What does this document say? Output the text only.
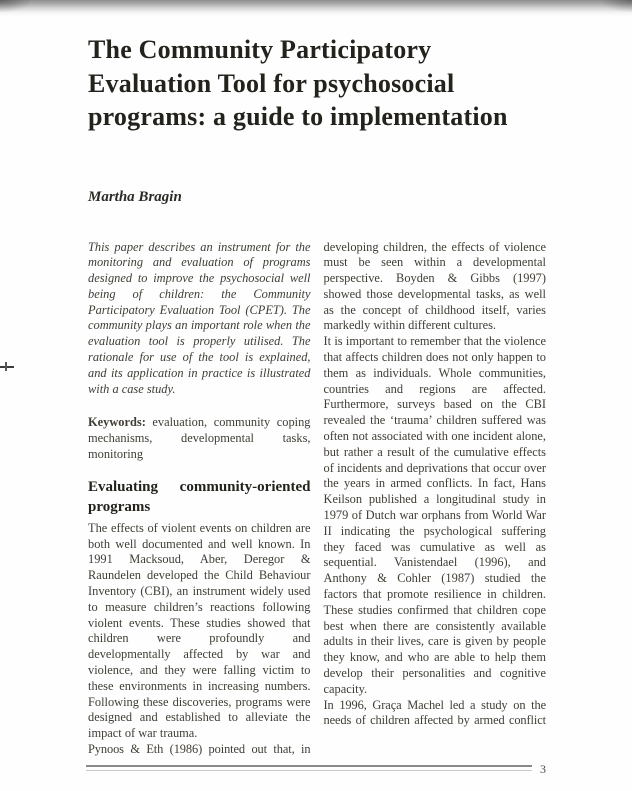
The Community Participatory Evaluation Tool for psychosocial programs: a guide to implementation

Martha Bragin

This paper describes an instrument for the monitoring and evaluation of programs designed to improve the psychosocial well being of children: the Community Participatory Evaluation Tool (CPET). The community plays an important role when the evaluation tool is properly utilised. The rationale for use of the tool is explained, and its application in practice is illustrated with a case study.

Keywords: evaluation, community coping mechanisms, developmental tasks, monitoring

Evaluating community-oriented programs

The effects of violent events on children are both well documented and well known. In 1991 Macksoud, Aber, Deregor & Raundelen developed the Child Behaviour Inventory (CBI), an instrument widely used to measure children’s reactions following violent events. These studies showed that children were profoundly and developmentally affected by war and violence, and they were falling victim to these environments in increasing numbers. Following these discoveries, programs were designed and established to alleviate the impact of war trauma.

Pynoos & Eth (1986) pointed out that, in

developing children, the effects of violence must be seen within a developmental perspective. Boyden & Gibbs (1997) showed those developmental tasks, as well as the concept of childhood itself, varies markedly within different cultures.

It is important to remember that the violence that affects children does not only happen to them as individuals. Whole communities, countries and regions are affected. Furthermore, surveys based on the CBI revealed the ‘trauma’ children suffered was often not associated with one incident alone, but rather a result of the cumulative effects of incidents and deprivations that occur over the years in armed conflicts. In fact, Hans Keilson published a longitudinal study in 1979 of Dutch war orphans from World War II indicating the psychological suffering they faced was cumulative as well as sequential. Vanistendael (1996), and Anthony & Cohler (1987) studied the factors that promote resilience in children. These studies confirmed that children cope best when there are consistently available adults in their lives, care is given by people they know, and who are able to help them develop their personalities and cognitive capacity.

In 1996, Graça Machel led a study on the needs of children affected by armed conflict

3
